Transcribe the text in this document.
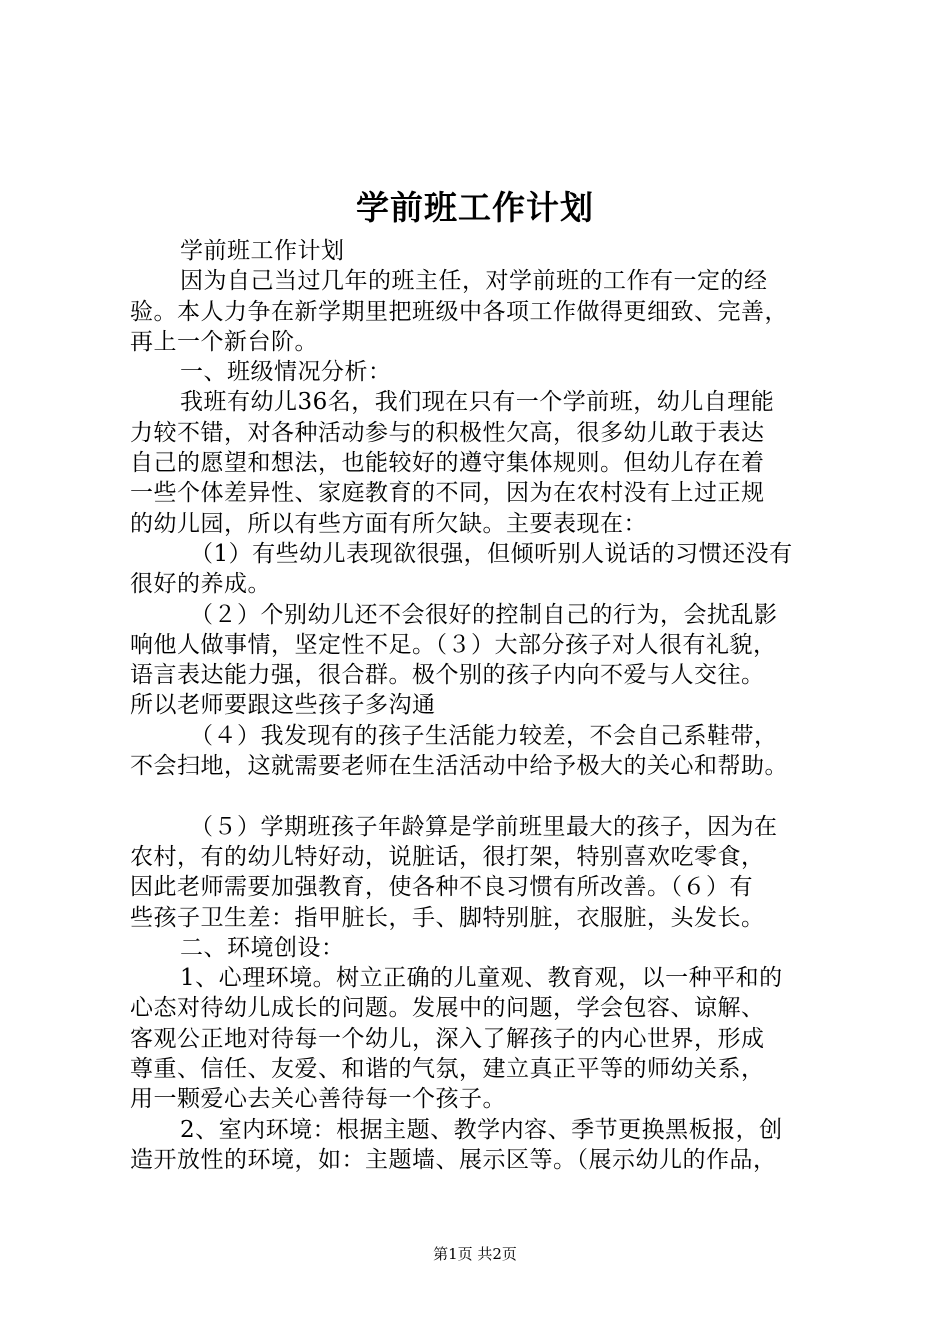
学前班工作计划
学前班工作计划
因为自己当过几年的班主任，对学前班的工作有一定的经
验。本人力争在新学期里把班级中各项工作做得更细致、完善，
再上一个新台阶。
一、班级情况分析：
我班有幼儿36名，我们现在只有一个学前班，幼儿自理能
力较不错，对各种活动参与的积极性欠高，很多幼儿敢于表达
自己的愿望和想法，也能较好的遵守集体规则。但幼儿存在着
一些个体差异性、家庭教育的不同，因为在农村没有上过正规
的幼儿园，所以有些方面有所欠缺。主要表现在：
（1）有些幼儿表现欲很强，但倾听别人说话的习惯还没有
很好的养成。
（２）个别幼儿还不会很好的控制自己的行为，会扰乱影
响他人做事情，坚定性不足。（３）大部分孩子对人很有礼貌，
语言表达能力强，很合群。极个别的孩子内向不爱与人交往。
所以老师要跟这些孩子多沟通
（４）我发现有的孩子生活能力较差，不会自己系鞋带，
不会扫地，这就需要老师在生活活动中给予极大的关心和帮助。
（５）学期班孩子年龄算是学前班里最大的孩子，因为在
农村，有的幼儿特好动，说脏话，很打架，特别喜欢吃零食，
因此老师需要加强教育，使各种不良习惯有所改善。（６）有
些孩子卫生差：指甲脏长，手、脚特别脏，衣服脏，头发长。
二、环境创设：
1、心理环境。树立正确的儿童观、教育观，以一种平和的
心态对待幼儿成长的问题。发展中的问题，学会包容、谅解、
客观公正地对待每一个幼儿，深入了解孩子的内心世界，形成
尊重、信任、友爱、和谐的气氛，建立真正平等的师幼关系，
用一颗爱心去关心善待每一个孩子。
2、室内环境：根据主题、教学内容、季节更换黑板报，创
造开放性的环境，如：主题墙、展示区等。（展示幼儿的作品，
第1页 共2页
